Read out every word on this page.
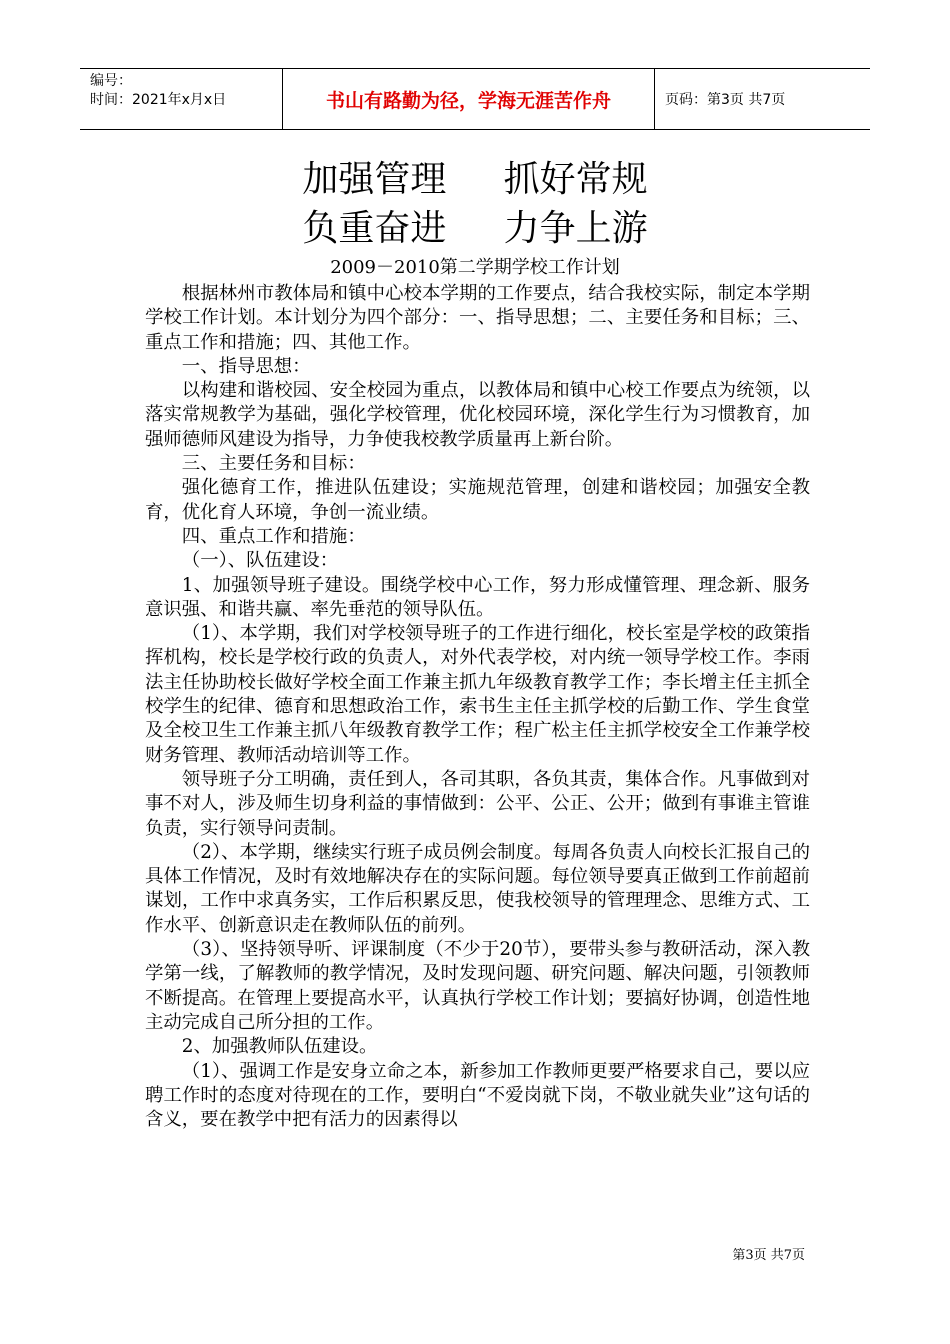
编号：
时间：2021年x月x日	书山有路勤为径，学海无涯苦作舟	页码：第3页 共7页
加强管理     抓好常规
负重奋进     力争上游
2009－2010第二学期学校工作计划

根据林州市教体局和镇中心校本学期的工作要点，结合我校实际，制定本学期学校工作计划。本计划分为四个部分：一、指导思想；二、主要任务和目标；三、重点工作和措施；四、其他工作。

一、指导思想：

以构建和谐校园、安全校园为重点，以教体局和镇中心校工作要点为统领，以落实常规教学为基础，强化学校管理，优化校园环境，深化学生行为习惯教育，加强师德师风建设为指导，力争使我校教学质量再上新台阶。

三、主要任务和目标：

强化德育工作，推进队伍建设；实施规范管理，创建和谐校园；加强安全教育，优化育人环境，争创一流业绩。

四、重点工作和措施：

（一）、队伍建设：

1、加强领导班子建设。围绕学校中心工作，努力形成懂管理、理念新、服务意识强、和谐共赢、率先垂范的领导队伍。

（1）、本学期，我们对学校领导班子的工作进行细化，校长室是学校的政策指挥机构，校长是学校行政的负责人，对外代表学校，对内统一领导学校工作。李雨法主任协助校长做好学校全面工作兼主抓九年级教育教学工作；李长增主任主抓全校学生的纪律、德育和思想政治工作，索书生主任主抓学校的后勤工作、学生食堂及全校卫生工作兼主抓八年级教育教学工作；程广松主任主抓学校安全工作兼学校财务管理、教师活动培训等工作。

领导班子分工明确，责任到人，各司其职，各负其责，集体合作。凡事做到对事不对人，涉及师生切身利益的事情做到：公平、公正、公开；做到有事谁主管谁负责，实行领导问责制。

（2）、本学期，继续实行班子成员例会制度。每周各负责人向校长汇报自己的具体工作情况，及时有效地解决存在的实际问题。每位领导要真正做到工作前超前谋划，工作中求真务实，工作后积累反思，使我校领导的管理理念、思维方式、工作水平、创新意识走在教师队伍的前列。

（3）、坚持领导听、评课制度（不少于20节），要带头参与教研活动，深入教学第一线，了解教师的教学情况，及时发现问题、研究问题、解决问题，引领教师不断提高。在管理上要提高水平，认真执行学校工作计划；要搞好协调，创造性地主动完成自己所分担的工作。

2、加强教师队伍建设。

（1）、强调工作是安身立命之本，新参加工作教师更要严格要求自己，要以应聘工作时的态度对待现在的工作，要明白“不爱岗就下岗，不敬业就失业”这句话的含义，要在教学中把有活力的因素得以

第3页 共7页
